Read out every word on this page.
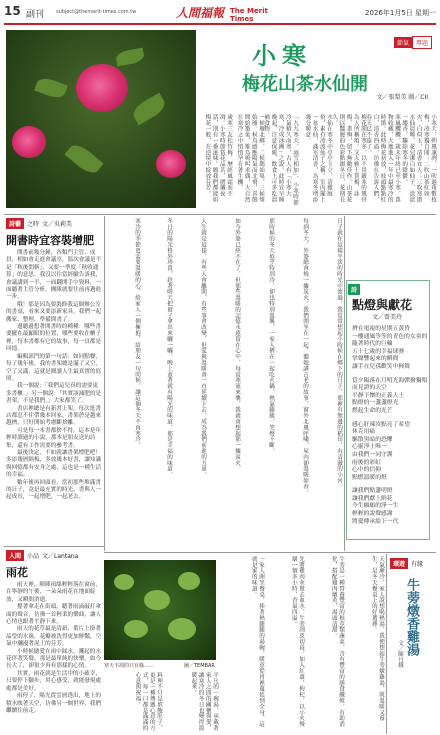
15 副刊 subject@themerit-times.com.tw	人間福報 The Merit Times
2026年1月5日 星期一
節氣 專題
小寒
梅花山茶水仙開
文／張梨美 圖／CII
小寒天，朔風凜冽，一吹過角數枝梅，凌寒獨自開；二吹山茶紅如火，白似玉，清香宜人；三吹寒節水仙晨晞，花兒潔白如仙子，淡淡一縷香，驅除寒冬的陰鬱。
寒風颼颼，歲末年終已至小寒，萬物收藏，大地進入一年中最寒冷的時節。此時梅花初放，枝頭點點紅白，清香四溢，彷彿在告訴人們，春天已不遠了。
梅花開在寒冬，以不畏嚴寒的風骨為人所稱頌。文人雅士賞梅、詠梅、畫梅，留下無數佳作。山茶花則以豔麗的色彩點綴冬日，花期長久。
水仙在寒冬中亭亭玉立，清雅脫俗，素有凌波仙子之稱。室內擺上一盆水仙，滿室清香，為寒冬增添幾分暖意。
「九九寒天，雨雪相加」，小寒時節冷氣積久而寒，古人有「小寒大寒，冷成冰團」之說。此時宜早睡晚起，注意保暖，飲食上可多吃溫補食物。
一候雁北鄉，二候鵲始巢，三候雉始雊。候鳥感應陽氣而北飛，喜鵲開始築巢，雉鳥鳴叫求偶，大自然在寒冷之中悄悄孕育著生機。
歲寒三友松竹梅，歷經風霜而不凋。小寒時節賞花品茗，圍爐夜話，別有一番滋味。願我們都能如梅花一般，在逆境中綻放芬芳。
詩藝	之時 文／吳莉美
開書時宜容裝增肥

開書前幾分鐘，各類門主管、成員，相如會走進會議室，溫次會議是不是「秋後問斬」，又要一季度「秋收通算」的意思，我沒以往當經驗告訴我，會議講到一半，一面翻開手中資料，一面聽著主管分析，團隊就要往前再邁進一步。

哦！那是因為要裝修我這個辦公室的書桌，看來又要添新家具，我們一起搬家、整理、準備開書了。

邊聽邊想著開書時的種種：哪些書要擺在最顯眼的位置，哪些要收在櫃子裡，每本書都有它的故事，每一頁都是回憶。

編輯部門的第一句話：如同點餐，每了幾年後，我的書架總是滿了又空，空了又滿，這就是閱讀人生最真實的寫照。

我一個說：「我們這兒真的需要更多書櫃。」另一個說：「其實該減肥的是書架，不是我們。」大家都笑了。

書店裡總是有新書上架，每次逛書店都忍不住帶幾本回家，書架於是越來越擠，只好開始考慮斷捨離。

可是每一本書都捨不得，這本是年輕時讀過的小說，那本是朋友送的詩集，還有工作需要的參考書。

最後決定，不如就讓書架增肥吧！多添幾層隔板，多放幾本好書，讓知識與回憶都有安身之處，這也是一種生活的幸福。

數年後再回頭看，當初那些堆滿書的日子，竟是最充實的時光。書與人一起成長，一起增肥，一起老去。

人間	小品 文／Lantana
雨花

雨天裡，陣陣雨絲輕輕落在窗前，在寧靜的午後，一朵朵雨花在地面綻放，又瞬間消逝。

撐著傘走在街頭，聽著雨滴敲打傘面的聲音，彷彿一首輕柔的樂曲，讓人心情也跟著平靜下來。

雨天的花草最是清新，葉片上掛著晶瑩的水珠，花瓣被洗得更加鮮豔，空氣中瀰漫著泥土的芬芳。

小時候總愛在雨中踩水，濺起的水花伴著笑聲，那是最單純的快樂。如今長大了，卻很少再有那樣的心情。

其實，雨花就是生活中的小確幸，只要停下腳步，用心感受，就能發現處處都是美好。

雨停了，陽光從雲層透出，地上的積水映著天空，彷彿另一個世界，我們繼續往前走。

日子就在這樣平淡的時光中流過，我常常想起小時候在鄉下的日子，那裡有無邊的稻田，有清澈的小河。
每到冬天，外婆總會燒一爐炭火，我們圍坐在一起，聽她講古老的故事，窗外北風呼嘯，屋內卻溫暖如春。
那時候的冬天似乎特別冷，卻也特別溫馨，一家人擠在一起吃火鍋，熱氣騰騰，笑聲不斷。
如今外婆已經不在了，但那些溫暖的記憶永遠留在心中，每當寒流來襲，我就會想起那一爐炭火。
人生就是這樣，有些人會離開，有些事會改變，但愛與溫暖會一直延續下去，成為我們前進的力量。
冬日的陽光格外珍貴，趁著晴天把被子拿出來曬一曬，晚上蓋著就有陽光的味道，那是幸福的味道。
寒冷的季節更需要溫暖的心，給家人一個擁抱，給朋友一句問候，讓這個冬天不再寒冷。	詩
點燈與獻花
文／曾美玲
擠在電視的星期五黃昏
一樓通風等等的青色的女童的
隨著時代的巨輪
五十七歲的幸福球賽
掌聲響起來的瞬間
讓手在兒孫歡笑中揮舞
當夕陽落在月明光海彈撥獨唱
而見證的天空
平靜下懷的正義人士
點燈的一盞盞燈光
燃起生命的光芒
感心肝辣汝點亮了希望
休克用痛
驅散黑暗的恐懼
心靈淨土唯一
由我們一同守護
雨後的彩虹
心中的信仰
點燃溫暖的燈
讓我們點盞明燈
讓我們獻上鮮花
今生願願的淨一生
輕輕的說聲感謝
將愛傳承給下一代
寒天不凋的只有綠……	圖／TEMBAR
平凡的一碗湯，承載著家人之間的關懷與愛，讓寒冷的冬日也變得溫暖起來。
料理不只是填飽肚子，更是一種傳遞心意的方式，每一口都是滿滿的心意與祝福。	天氣漸冷，家人說想喝熱湯，我便想起牛蒡燉雞湯，既溫暖又養生，是冬天餐桌上的好選擇。
牛蒡是一種營養豐富的根莖類蔬菜，含有豐富的膳食纖維，有助消化，搭配雞肉燉煮，湯頭清甜。
先將雞肉汆燙去血水，牛蒡削皮切段，加入紅棗、枸杞，以小火慢燉一個多小時，香氣四溢。
一家人圍坐餐桌，捧著熱騰騰的湯碗，暖意從胃裡蔓延到全身，這就是家的味道。	環遊	有緣
牛蒡燉香雞湯
文／陳月娥
